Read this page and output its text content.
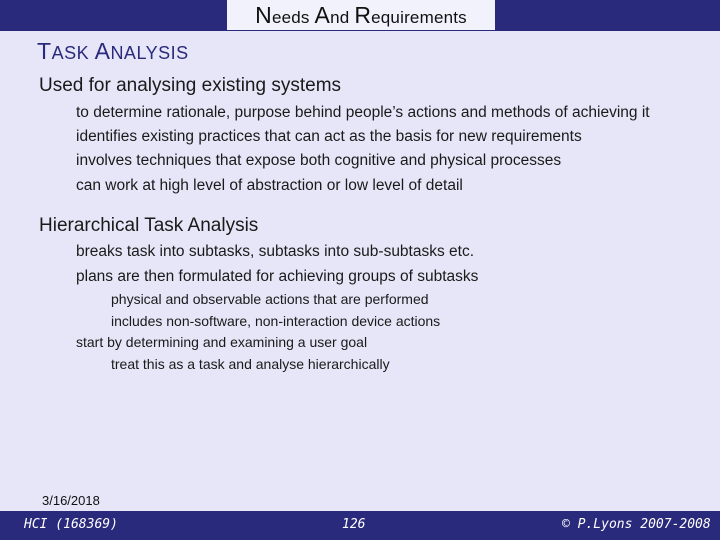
Needs And Requirements
TASK ANALYSIS
Used for analysing existing systems
to determine rationale, purpose behind people’s actions and methods of achieving it
identifies existing practices that can act as the basis for new requirements
involves techniques that expose both cognitive and physical processes
can work at high level of abstraction or low level of detail
Hierarchical Task Analysis
breaks task into subtasks, subtasks into sub-subtasks etc.
plans are then formulated for achieving groups of subtasks
physical and observable actions that are performed
includes non-software, non-interaction device actions
start by determining and examining a user goal
treat this as a task and analyse hierarchically
3/16/2018
HCI (168369)	126	© P.Lyons 2007-2008
